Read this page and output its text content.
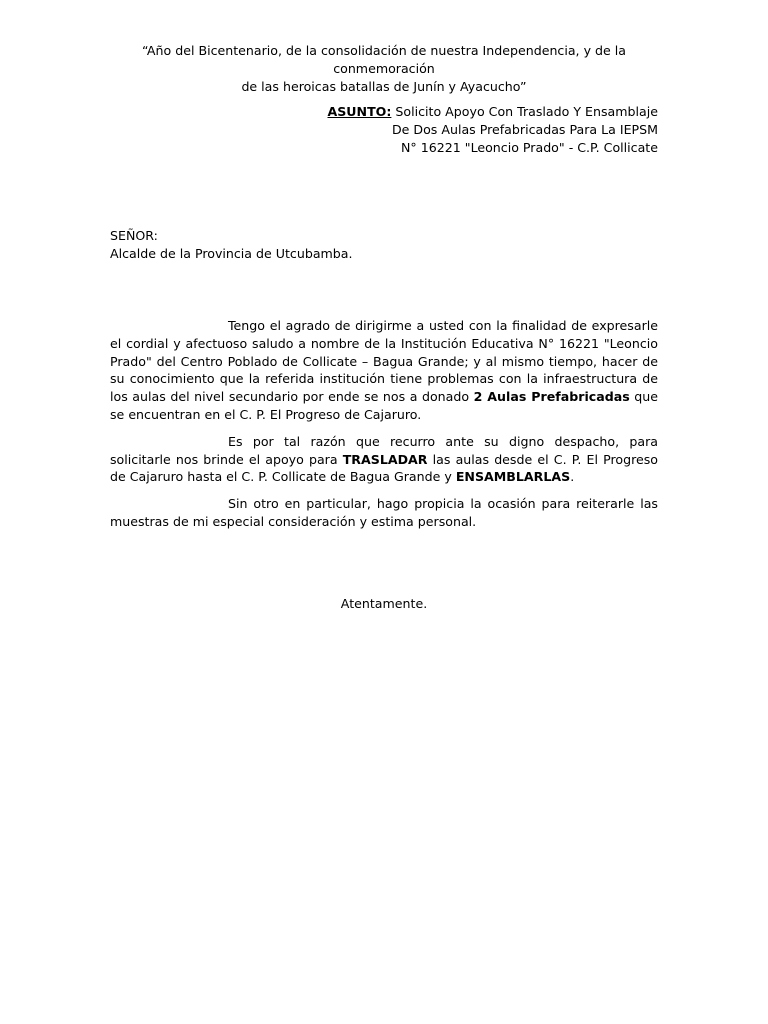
“Año del Bicentenario, de la consolidación de nuestra Independencia, y de la conmemoración
de las heroicas batallas de Junín y Ayacucho”
ASUNTO: Solicito Apoyo Con Traslado Y Ensamblaje
De Dos Aulas Prefabricadas Para La IEPSM
N° 16221 "Leoncio Prado" - C.P. Collicate
SEÑOR:
Alcalde de la Provincia de Utcubamba.

Tengo el agrado de dirigirme a usted con la finalidad de expresarle el cordial y afectuoso saludo a nombre de la Institución Educativa N° 16221 "Leoncio Prado" del Centro Poblado de Collicate – Bagua Grande; y al mismo tiempo, hacer de su conocimiento que la referida institución tiene problemas con la infraestructura de los aulas del nivel secundario por ende se nos a donado 2 Aulas Prefabricadas que se encuentran en el C. P. El Progreso de Cajaruro.

Es por tal razón que recurro ante su digno despacho, para solicitarle nos brinde el apoyo para TRASLADAR las aulas desde el C. P. El Progreso de Cajaruro hasta el C. P. Collicate de Bagua Grande y ENSAMBLARLAS.

Sin otro en particular, hago propicia la ocasión para reiterarle las muestras de mi especial consideración y estima personal.

Atentamente.
